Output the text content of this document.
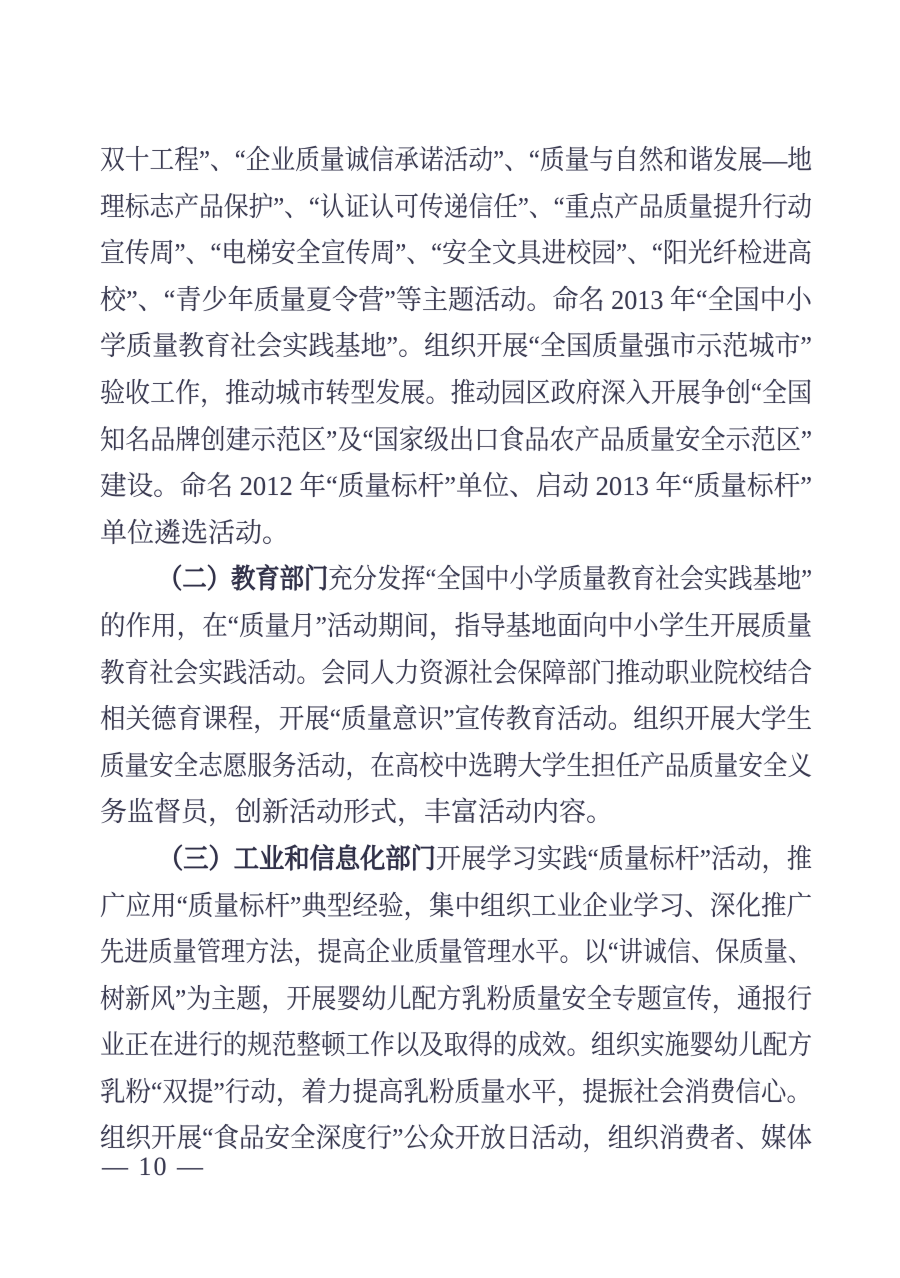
双十工程”、“企业质量诚信承诺活动”、“质量与自然和谐发展—地
理标志产品保护”、“认证认可传递信任”、“重点产品质量提升行动
宣传周”、“电梯安全宣传周”、“安全文具进校园”、“阳光纤检进高
校”、“青少年质量夏令营”等主题活动。命名 2013 年“全国中小
学质量教育社会实践基地”。组织开展“全国质量强市示范城市”
验收工作，推动城市转型发展。推动园区政府深入开展争创“全国
知名品牌创建示范区”及“国家级出口食品农产品质量安全示范区”
建设。命名 2012 年“质量标杆”单位、启动 2013 年“质量标杆”
单位遴选活动。
（二）教育部门充分发挥“全国中小学质量教育社会实践基地”
的作用，在“质量月”活动期间，指导基地面向中小学生开展质量
教育社会实践活动。会同人力资源社会保障部门推动职业院校结合
相关德育课程，开展“质量意识”宣传教育活动。组织开展大学生
质量安全志愿服务活动，在高校中选聘大学生担任产品质量安全义
务监督员，创新活动形式，丰富活动内容。
（三）工业和信息化部门开展学习实践“质量标杆”活动，推
广应用“质量标杆”典型经验，集中组织工业企业学习、深化推广
先进质量管理方法，提高企业质量管理水平。以“讲诚信、保质量、
树新风”为主题，开展婴幼儿配方乳粉质量安全专题宣传，通报行
业正在进行的规范整顿工作以及取得的成效。组织实施婴幼儿配方
乳粉“双提”行动，着力提高乳粉质量水平，提振社会消费信心。
组织开展“食品安全深度行”公众开放日活动，组织消费者、媒体
— 10 —
